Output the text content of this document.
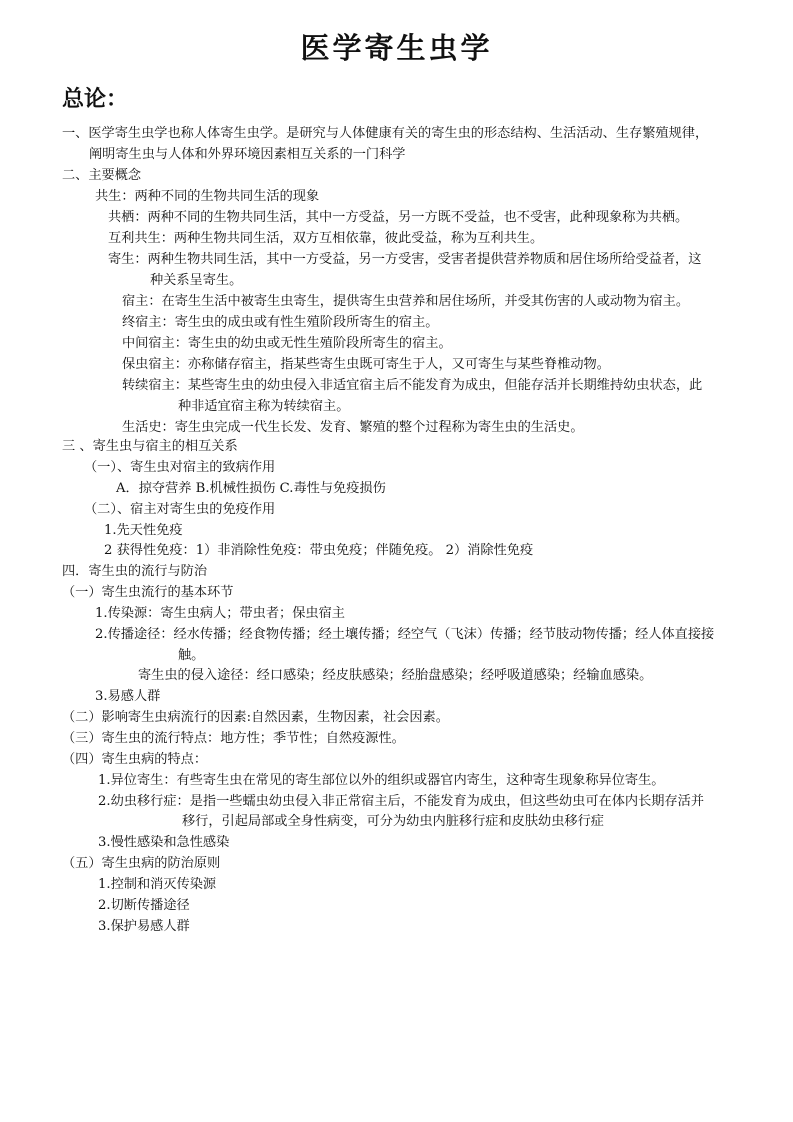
医学寄生虫学
总论：
一、医学寄生虫学也称人体寄生虫学。是研究与人体健康有关的寄生虫的形态结构、生活活动、生存繁殖规律，
阐明寄生虫与人体和外界环境因素相互关系的一门科学
二、主要概念
共生：两种不同的生物共同生活的现象
共栖：两种不同的生物共同生活，其中一方受益，另一方既不受益，也不受害，此种现象称为共栖。
互利共生：两种生物共同生活，双方互相依靠，彼此受益，称为互利共生。
寄生：两种生物共同生活，其中一方受益，另一方受害，受害者提供营养物质和居住场所给受益者，这
种关系呈寄生。
宿主：在寄生生活中被寄生虫寄生，提供寄生虫营养和居住场所，并受其伤害的人或动物为宿主。
终宿主：寄生虫的成虫或有性生殖阶段所寄生的宿主。
中间宿主：寄生虫的幼虫或无性生殖阶段所寄生的宿主。
保虫宿主：亦称储存宿主，指某些寄生虫既可寄生于人，又可寄生与某些脊椎动物。
转续宿主：某些寄生虫的幼虫侵入非适宜宿主后不能发育为成虫，但能存活并长期维持幼虫状态，此
种非适宜宿主称为转续宿主。
生活史：寄生虫完成一代生长发、发育、繁殖的整个过程称为寄生虫的生活史。
三 、寄生虫与宿主的相互关系
（一）、寄生虫对宿主的致病作用
A．掠夺营养 B.机械性损伤 C.毒性与免疫损伤
（二）、宿主对寄生虫的免疫作用
1.先天性免疫
2 获得性免疫：1）非消除性免疫：带虫免疫；伴随免疫。 2）消除性免疫
四．寄生虫的流行与防治
（一）寄生虫流行的基本环节
1.传染源：寄生虫病人；带虫者；保虫宿主
2.传播途径：经水传播；经食物传播；经土壤传播；经空气（飞沫）传播；经节肢动物传播；经人体直接接
触。
寄生虫的侵入途径：经口感染；经皮肤感染；经胎盘感染；经呼吸道感染；经输血感染。
3.易感人群
（二）影响寄生虫病流行的因素:自然因素，生物因素，社会因素。
（三）寄生虫的流行特点：地方性；季节性；自然疫源性。
（四）寄生虫病的特点：
1.异位寄生：有些寄生虫在常见的寄生部位以外的组织或器官内寄生，这种寄生现象称异位寄生。
2.幼虫移行症：是指一些蠕虫幼虫侵入非正常宿主后，不能发育为成虫，但这些幼虫可在体内长期存活并
移行，引起局部或全身性病变，可分为幼虫内脏移行症和皮肤幼虫移行症
3.慢性感染和急性感染
（五）寄生虫病的防治原则
1.控制和消灭传染源
2.切断传播途径
3.保护易感人群
